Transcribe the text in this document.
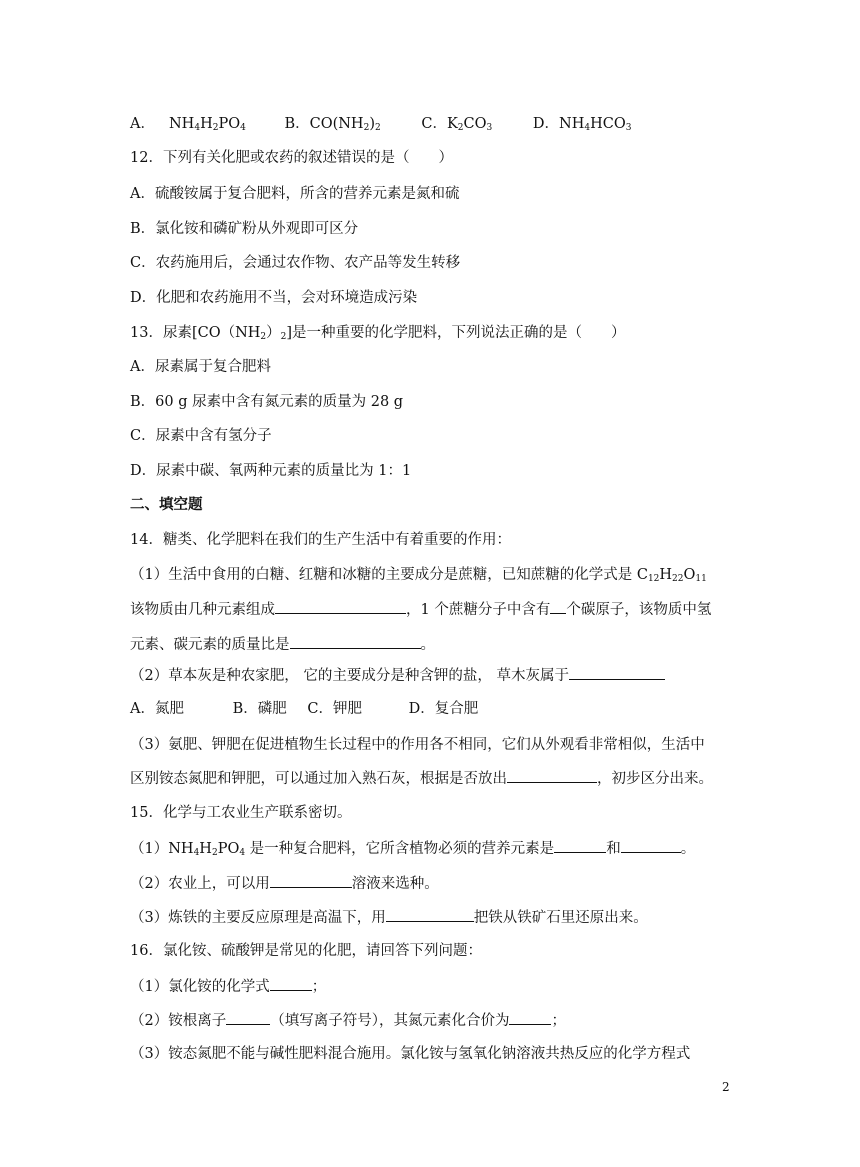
A． $NH_4H_2PO_4$	B．$CO(NH_2)_2$	C．$K_2CO_3$	D．$NH_4HCO_3$
12．下列有关化肥或农药的叙述错误的是（　　）
A．硫酸铵属于复合肥料，所含的营养元素是氮和硫
B．氯化铵和磷矿粉从外观即可区分
C．农药施用后，会通过农作物、农产品等发生转移
D．化肥和农药施用不当，会对环境造成污染
13．尿素$[CO(NH_2)_2]$是一种重要的化学肥料，下列说法正确的是（　　）
A．尿素属于复合肥料
B．60 g 尿素中含有氮元素的质量为 28 g
C．尿素中含有氢分子
D．尿素中碳、氧两种元素的质量比为 1：1
二、填空题
14．糖类、化学肥料在我们的生产生活中有着重要的作用：
（1）生活中食用的白糖、红糖和冰糖的主要成分是蔗糖，已知蔗糖的化学式是 $C_{12}H_{22}O_{11}$
该物质由几种元素组成	，1 个蔗糖分子中含有 个碳原子，该物质中氢
元素、碳元素的质量比是	。
（2）草本灰是种农家肥， 它的主要成分是种含钾的盐， 草木灰属于
A．氮肥	B．磷肥 C．钾肥	D．复合肥
（3）氨肥、钾肥在促进植物生长过程中的作用各不相同，它们从外观看非常相似，生活中
区别铵态氮肥和钾肥，可以通过加入熟石灰，根据是否放出	，初步区分出来。
15．化学与工农业生产联系密切。
$(1)NH_4H_2PO_4$ 是一种复合肥料，它所含植物必须的营养元素是	和	。
（2）农业上，可以用	溶液来选种。
（3）炼铁的主要反应原理是高温下，用	把铁从铁矿石里还原出来。
16．氯化铵、硫酸钾是常见的化肥，请回答下列问题：
（1）氯化铵的化学式	；
（2）铵根离子	（填写离子符号），其氮元素化合价为	；
（3）铵态氮肥不能与碱性肥料混合施用。氯化铵与氢氧化钠溶液共热反应的化学方程式
2
